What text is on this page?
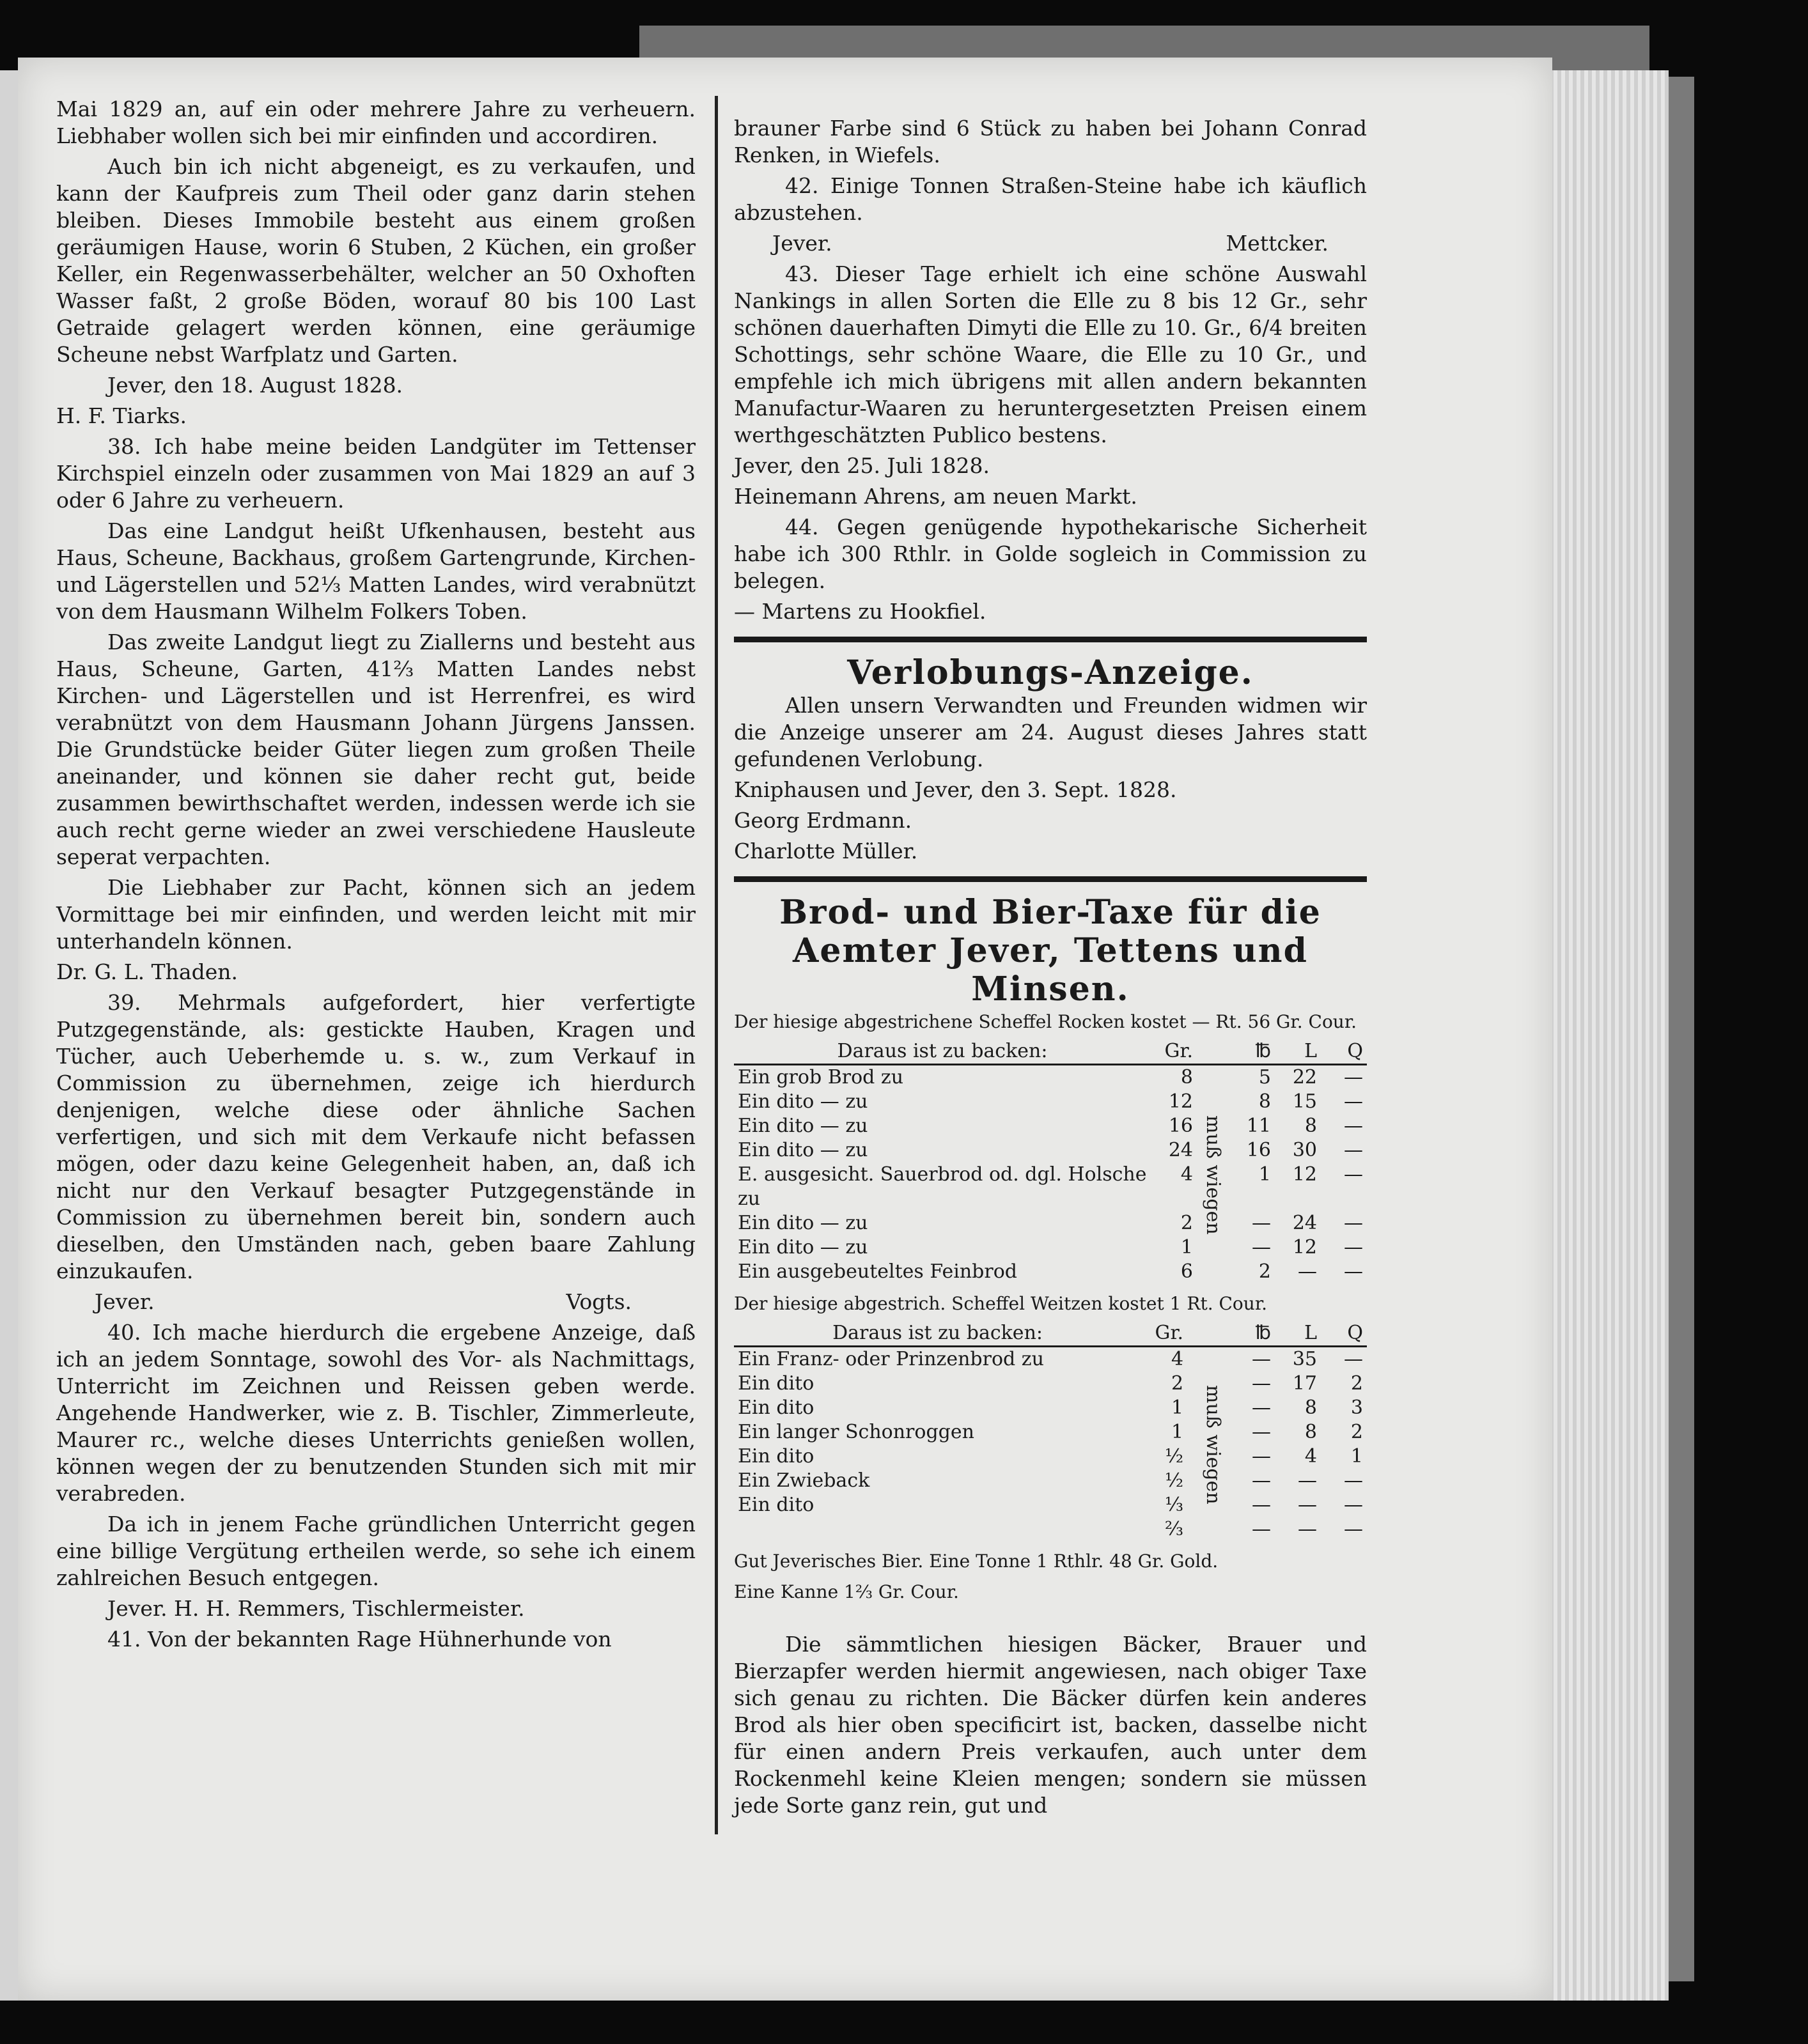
Mai 1829 an, auf ein oder mehrere Jahre zu verheuern. Liebhaber wollen sich bei mir einfinden und accordiren.

Auch bin ich nicht abgeneigt, es zu verkaufen, und kann der Kaufpreis zum Theil oder ganz darin stehen bleiben. Dieses Immobile besteht aus einem großen geräumigen Hause, worin 6 Stuben, 2 Küchen, ein großer Keller, ein Regenwasserbehälter, welcher an 50 Oxhoften Wasser faßt, 2 große Böden, worauf 80 bis 100 Last Getraide gelagert werden können, eine geräumige Scheune nebst Warfplatz und Garten.

Jever, den 18. August 1828.

H. F. Tiarks.

38. Ich habe meine beiden Landgüter im Tettenser Kirchspiel einzeln oder zusammen von Mai 1829 an auf 3 oder 6 Jahre zu verheuern.

Das eine Landgut heißt Ufkenhausen, besteht aus Haus, Scheune, Backhaus, großem Gartengrunde, Kirchen- und Lägerstellen und 52⅓ Matten Landes, wird verabnützt von dem Hausmann Wilhelm Folkers Toben.

Das zweite Landgut liegt zu Ziallerns und besteht aus Haus, Scheune, Garten, 41⅔ Matten Landes nebst Kirchen- und Lägerstellen und ist Herrenfrei, es wird verabnützt von dem Hausmann Johann Jürgens Janssen. Die Grundstücke beider Güter liegen zum großen Theile aneinander, und können sie daher recht gut, beide zusammen bewirthschaftet werden, indessen werde ich sie auch recht gerne wieder an zwei verschiedene Hausleute seperat verpachten.

Die Liebhaber zur Pacht, können sich an jedem Vormittage bei mir einfinden, und werden leicht mit mir unterhandeln können.

Dr. G. L. Thaden.

39. Mehrmals aufgefordert, hier verfertigte Putzgegenstände, als: gestickte Hauben, Kragen und Tücher, auch Ueberhemde u. s. w., zum Verkauf in Commission zu übernehmen, zeige ich hierdurch denjenigen, welche diese oder ähnliche Sachen verfertigen, und sich mit dem Verkaufe nicht befassen mögen, oder dazu keine Gelegenheit haben, an, daß ich nicht nur den Verkauf besagter Putzgegenstände in Commission zu übernehmen bereit bin, sondern auch dieselben, den Umständen nach, geben baare Zahlung einzukaufen.

Jever.	Vogts.

40. Ich mache hierdurch die ergebene Anzeige, daß ich an jedem Sonntage, sowohl des Vor- als Nachmittags, Unterricht im Zeichnen und Reissen geben werde. Angehende Handwerker, wie z. B. Tischler, Zimmerleute, Maurer rc., welche dieses Unterrichts genießen wollen, können wegen der zu benutzenden Stunden sich mit mir verabreden.

Da ich in jenem Fache gründlichen Unterricht gegen eine billige Vergütung ertheilen werde, so sehe ich einem zahlreichen Besuch entgegen.

Jever. H. H. Remmers, Tischlermeister.

41. Von der bekannten Rage Hühnerhunde von

brauner Farbe sind 6 Stück zu haben bei Johann Conrad Renken, in Wiefels.

42. Einige Tonnen Straßen-Steine habe ich käuflich abzustehen.

Jever.	Mettcker.

43. Dieser Tage erhielt ich eine schöne Auswahl Nankings in allen Sorten die Elle zu 8 bis 12 Gr., sehr schönen dauerhaften Dimyti die Elle zu 10. Gr., 6/4 breiten Schottings, sehr schöne Waare, die Elle zu 10 Gr., und empfehle ich mich übrigens mit allen andern bekannten Manufactur-Waaren zu heruntergesetzten Preisen einem werthgeschätzten Publico bestens.

Jever, den 25. Juli 1828.

Heinemann Ahrens, am neuen Markt.

44. Gegen genügende hypothekarische Sicherheit habe ich 300 Rthlr. in Golde sogleich in Commission zu belegen.

— Martens zu Hookfiel.

Verlobungs-Anzeige.

Allen unsern Verwandten und Freunden widmen wir die Anzeige unserer am 24. August dieses Jahres statt gefundenen Verlobung.

Kniphausen und Jever, den 3. Sept. 1828.

Georg Erdmann.

Charlotte Müller.

Brod- und Bier-Taxe für die Aemter Jever, Tettens und Minsen.

Der hiesige abgestrichene Scheffel Rocken kostet — Rt. 56 Gr. Cour.

Daraus ist zu backen:	Gr.		℔	L	Q
Ein grob Brod zu	8	muß wiegen	5	22	—
Ein dito — zu	12		8	15	—
Ein dito — zu	16		11	8	—
Ein dito — zu	24		16	30	—
E. ausgesicht. Sauerbrod od. dgl. Holsche zu	4		1	12	—
Ein dito — zu	2		—	24	—
Ein dito — zu	1		—	12	—
Ein ausgebeuteltes Feinbrod	6		2	—	—

Der hiesige abgestrich. Scheffel Weitzen kostet 1 Rt. Cour.

Daraus ist zu backen:	Gr.		℔	L	Q
Ein Franz- oder Prinzenbrod zu	4	muß wiegen	—	35	—
Ein dito	2		—	17	2
Ein dito	1		—	8	3
Ein langer Schonroggen	1		—	8	2
Ein dito	½		—	4	1
Ein Zwieback	½		—	—	—
Ein dito	⅓		—	—	—
	⅔		—	—	—

Gut Jeverisches Bier. Eine Tonne 1 Rthlr. 48 Gr. Gold.

Eine Kanne 1⅔ Gr. Cour.

Die sämmtlichen hiesigen Bäcker, Brauer und Bierzapfer werden hiermit angewiesen, nach obiger Taxe sich genau zu richten. Die Bäcker dürfen kein anderes Brod als hier oben specificirt ist, backen, dasselbe nicht für einen andern Preis verkaufen, auch unter dem Rockenmehl keine Kleien mengen; sondern sie müssen jede Sorte ganz rein, gut und
